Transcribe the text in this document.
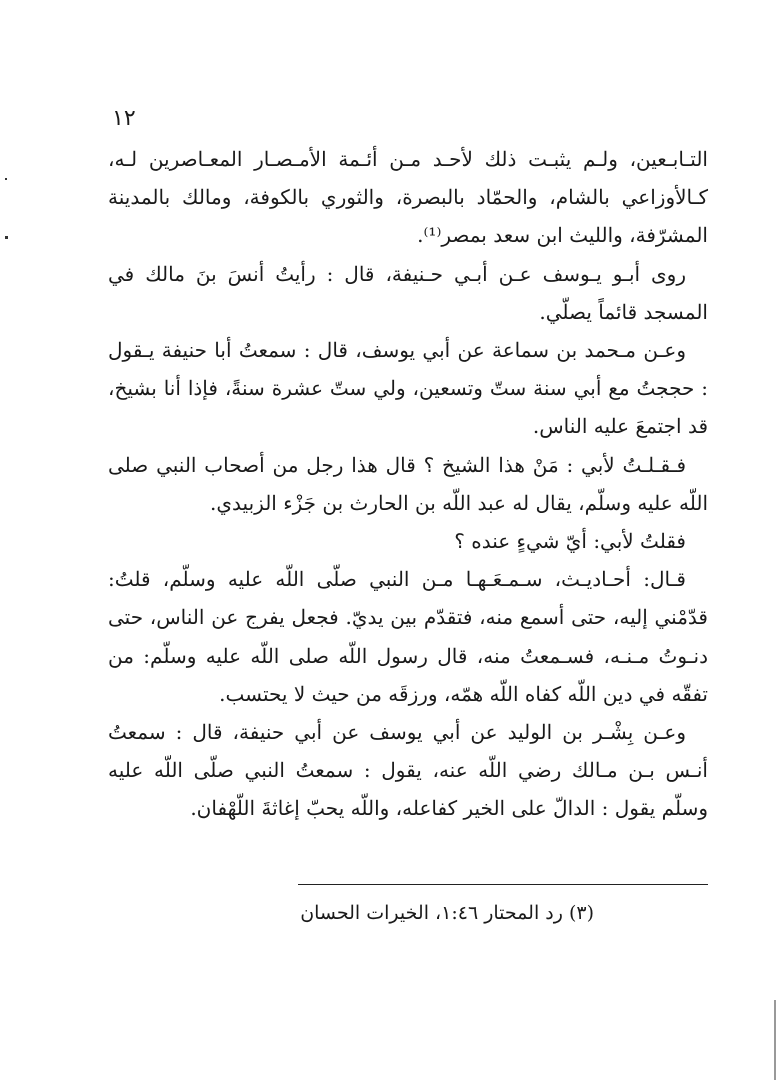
١٢

التـابـعين، ولـم يثبـت ذلك لأحـد مـن أئـمة الأمـصـار المعـاصرين لـه، كـالأوزاعي بالشام، والحمّاد بالبصرة، والثوري بالكوفة، ومالك بالمدينة المشرّفة، والليث ابن سعد بمصر⁽¹⁾.

روى أبـو يـوسف عـن أبـي حـنيفة، قال : رأيتُ أنسَ بنَ مالك في المسجد قائماً يصلّي.

وعـن مـحمد بن سماعة عن أبي يوسف، قال : سمعتُ أبا حنيفة يـقول : حججتُ مع أبي سنة ستّ وتسعين، ولي ستّ عشرة سنةً، فإذا أنا بشيخ، قد اجتمعَ عليه الناس.

فـقـلـتُ لأبي : مَنْ هذا الشيخ ؟ قال هذا رجل من أصحاب النبي صلى اللّه عليه وسلّم، يقال له عبد اللّه بن الحارث بن جَزْء الزبيدي.

فقلتُ لأبي: أيّ شيءٍ عنده ؟

قـال: أحـاديـث، سـمـعَـهـا مـن النبي صلّى اللّه عليه وسلّم، قلتُ: قدّمْني إليه، حتى أسمع منه، فتقدّم بين يديّ. فجعل يفرج عن الناس، حتى دنـوتُ مـنـه، فسـمعتُ منه، قال رسول اللّه صلى اللّه عليه وسلّم: من تفقّه في دين اللّه كفاه اللّه همّه، ورزقَه من حيث لا يحتسب.

وعـن بِشْـر بن الوليد عن أبي يوسف عن أبي حنيفة، قال : سمعتُ أنـس بـن مـالك رضي اللّه عنه، يقول : سمعتُ النبي صلّى اللّه عليه وسلّم يقول : الدالّ على الخير كفاعله، واللّه يحبّ إغاثةَ اللّهْفان.

(٣) رد المحتار ١:٤٦، الخيرات الحسان
